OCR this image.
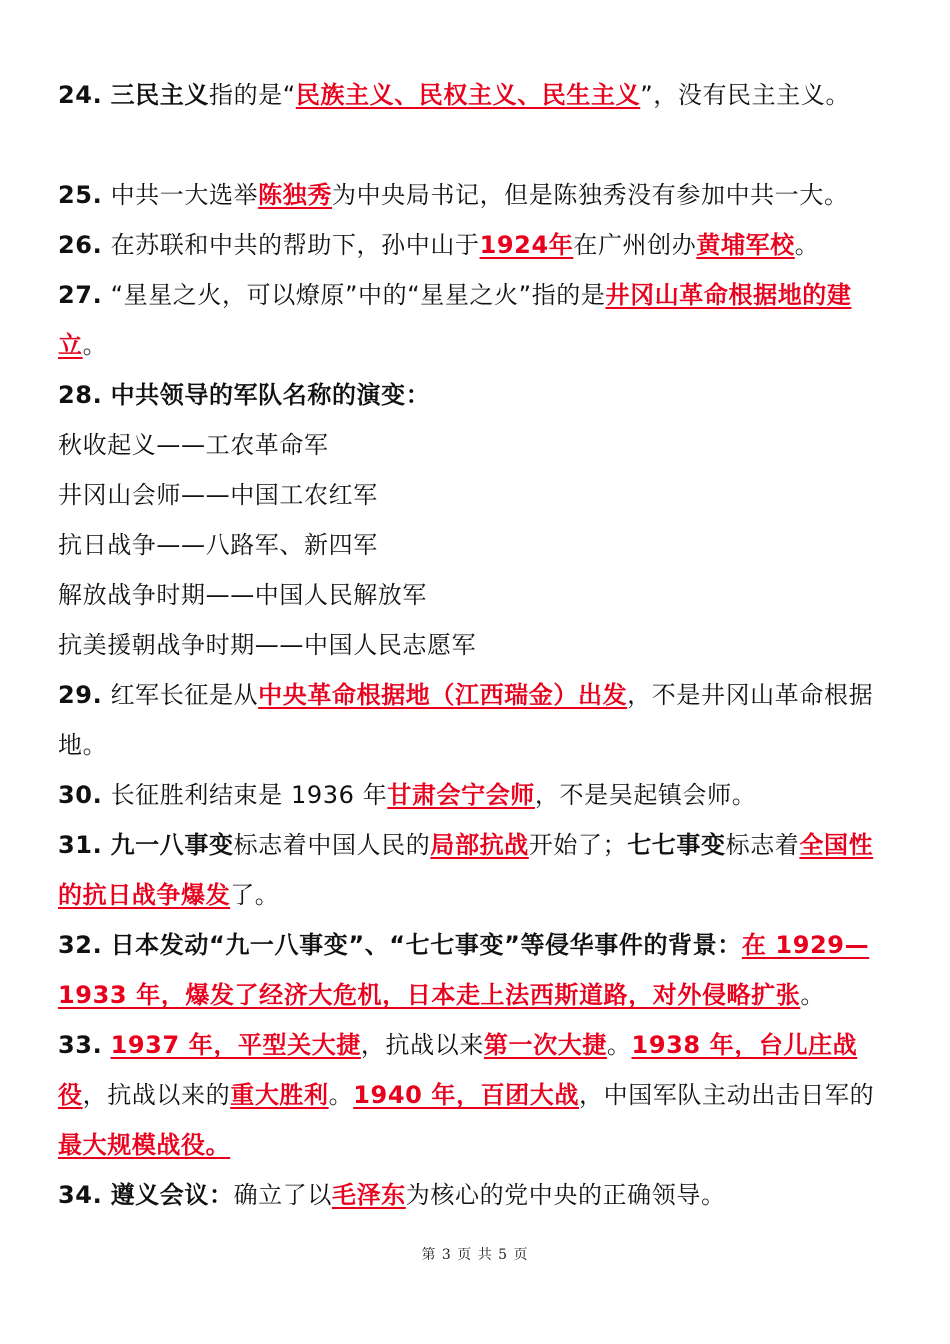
24. 三民主义指的是“民族主义、民权主义、民生主义”，没有民主主义。

25. 中共一大选举陈独秀为中央局书记，但是陈独秀没有参加中共一大。

26. 在苏联和中共的帮助下，孙中山于1924年在广州创办黄埔军校。

27. “星星之火，可以燎原”中的“星星之火”指的是井冈山革命根据地的建立。

28. 中共领导的军队名称的演变：

秋收起义——工农革命军
井冈山会师——中国工农红军
抗日战争——八路军、新四军
解放战争时期——中国人民解放军
抗美援朝战争时期——中国人民志愿军

29. 红军长征是从中央革命根据地（江西瑞金）出发，不是井冈山革命根据地。

30. 长征胜利结束是 1936 年甘肃会宁会师，不是吴起镇会师。

31. 九一八事变标志着中国人民的局部抗战开始了；七七事变标志着全国性的抗日战争爆发了。

32. 日本发动“九一八事变”、“七七事变”等侵华事件的背景：在 1929—1933 年，爆发了经济大危机，日本走上法西斯道路，对外侵略扩张。

33. 1937 年，平型关大捷，抗战以来第一次大捷。1938 年，台儿庄战役，抗战以来的重大胜利。1940 年，百团大战，中国军队主动出击日军的最大规模战役。

34. 遵义会议：确立了以毛泽东为核心的党中央的正确领导。

第 3 页 共 5 页
